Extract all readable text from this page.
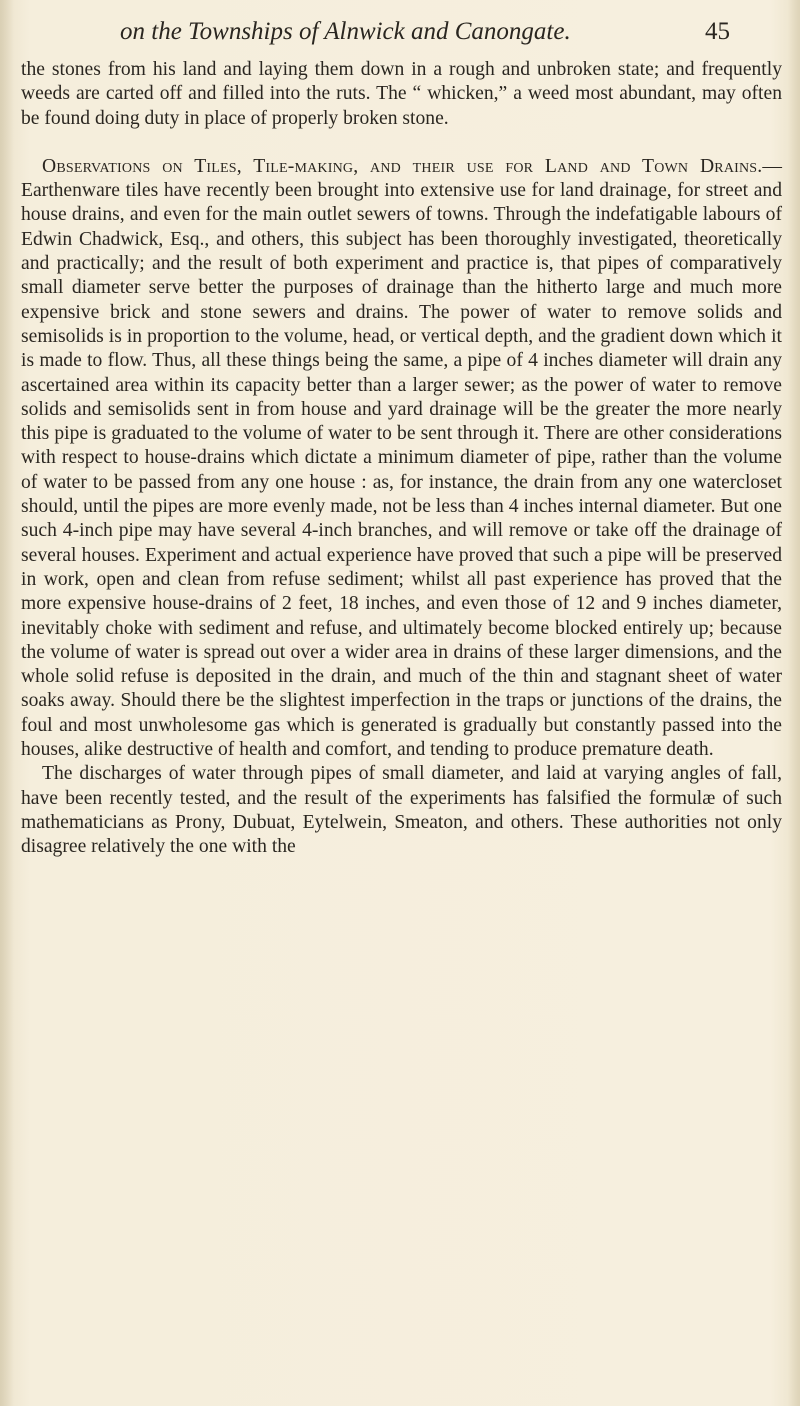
on the Townships of Alnwick and Canongate.	45

the stones from his land and laying them down in a rough and unbroken state; and frequently weeds are carted off and filled into the ruts. The “ whicken,” a weed most abundant, may often be found doing duty in place of properly broken stone.

Observations on Tiles, Tile-making, and their use for Land and Town Drains.—Earthenware tiles have recently been brought into extensive use for land drainage, for street and house drains, and even for the main outlet sewers of towns. Through the indefatigable labours of Edwin Chadwick, Esq., and others, this subject has been thoroughly investigated, theoretically and practically; and the result of both experiment and practice is, that pipes of comparatively small diameter serve better the purposes of drainage than the hitherto large and much more expensive brick and stone sewers and drains. The power of water to remove solids and semisolids is in proportion to the volume, head, or vertical depth, and the gradient down which it is made to flow. Thus, all these things being the same, a pipe of 4 inches diameter will drain any ascertained area within its capacity better than a larger sewer; as the power of water to remove solids and semisolids sent in from house and yard drainage will be the greater the more nearly this pipe is graduated to the volume of water to be sent through it. There are other considerations with respect to house-drains which dictate a minimum diameter of pipe, rather than the volume of water to be passed from any one house : as, for instance, the drain from any one watercloset should, until the pipes are more evenly made, not be less than 4 inches internal diameter. But one such 4-inch pipe may have several 4-inch branches, and will remove or take off the drainage of several houses. Experiment and actual experience have proved that such a pipe will be preserved in work, open and clean from refuse sediment; whilst all past experience has proved that the more expensive house-drains of 2 feet, 18 inches, and even those of 12 and 9 inches diameter, inevitably choke with sediment and refuse, and ultimately become blocked entirely up; because the volume of water is spread out over a wider area in drains of these larger dimensions, and the whole solid refuse is deposited in the drain, and much of the thin and stagnant sheet of water soaks away. Should there be the slightest imperfection in the traps or junctions of the drains, the foul and most unwholesome gas which is generated is gradually but constantly passed into the houses, alike destructive of health and comfort, and tending to produce premature death.

The discharges of water through pipes of small diameter, and laid at varying angles of fall, have been recently tested, and the result of the experiments has falsified the formulæ of such mathematicians as Prony, Dubuat, Eytelwein, Smeaton, and others. These authorities not only disagree relatively the one with the
